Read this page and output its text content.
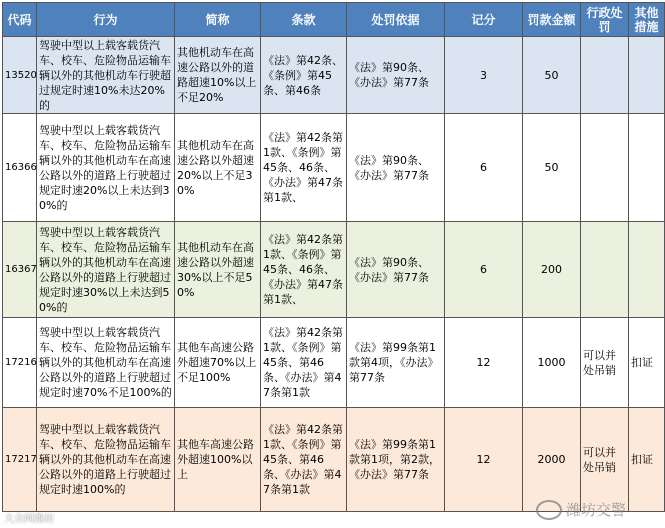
代码	行为	简称	条款	处罚依据	记分	罚款金额	行政处罚	其他措施
13520	驾驶中型以上载客载货汽车、校车、危险物品运输车辆以外的其他机动车行驶超过规定时速10%未达20%的	其他机动车在高速公路以外的道路超速10%以上不足20%	《法》第42条、《条例》第45条、第46条	《法》第90条、《办法》第77条	3	50		
16366	驾驶中型以上载客载货汽车、校车、危险物品运输车辆以外的其他机动车在高速公路以外的道路上行驶超过规定时速20%以上未达到30%的	其他机动车在高速公路以外超速20%以上不足30%	《法》第42条第1款、《条例》第45条、46条、《办法》第47条第1款、	《法》第90条、《办法》第77条	6	50		
16367	驾驶中型以上载客载货汽车、校车、危险物品运输车辆以外的其他机动车在高速公路以外的道路上行驶超过规定时速30%以上未达到50%的	其他机动车在高速公路以外超速30%以上不足50%	《法》第42条第1款、《条例》第45条、46条、《办法》第47条第1款、	《法》第90条、《办法》第77条	6	200		
17216	驾驶中型以上载客载货汽车、校车、危险物品运输车辆以外的其他机动车在高速公路以外的道路上行驶超过规定时速70%不足100%的	其他车高速公路外超速70%以上不足100%	《法》第42条第1款、《条例》第45条、第46条、《办法》第47条第1款	《法》第99条第1款第4项，《办法》第77条	12	1000	可以并处吊销	扣证
17217	驾驶中型以上载客载货汽车、校车、危险物品运输车辆以外的其他机动车在高速公路以外的道路上行驶超过规定时速100%的	其他车高速公路外超速100%以上	《法》第42条第1款、《条例》第45条、第46条、《办法》第47条第1款	《法》第99条第1款第1项，第2款，《办法》第77条	12	2000	可以并处吊销	扣证
大众网潍坊
潍坊交警
